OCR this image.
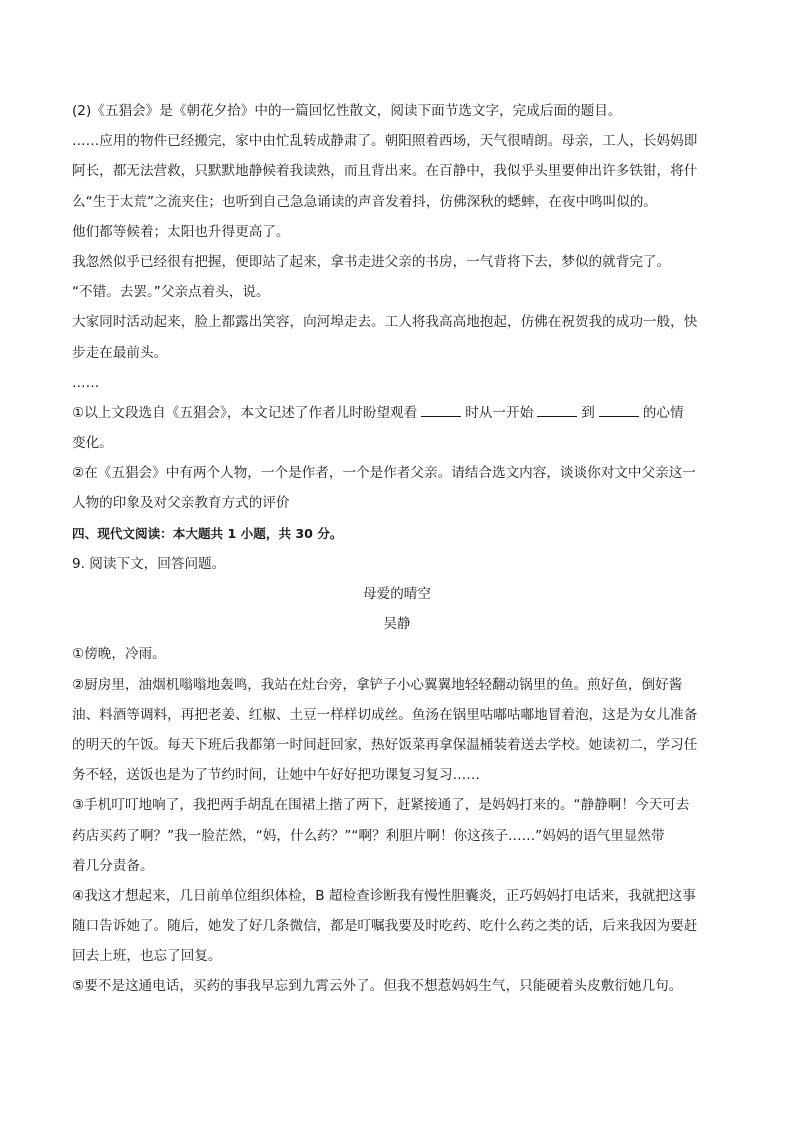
(2)《五猖会》是《朝花夕拾》中的一篇回忆性散文，阅读下面节选文字，完成后面的题目。
……应用的物件已经搬完，家中由忙乱转成静肃了。朝阳照着西场，天气很晴朗。母亲，工人，长妈妈即
阿长，都无法营救，只默默地静候着我读熟，而且背出来。在百静中，我似乎头里要伸出许多铁钳，将什
么“生于太荒”之流夹住；也听到自己急急诵读的声音发着抖，仿佛深秋的蟋蟀，在夜中鸣叫似的。
他们都等候着；太阳也升得更高了。
我忽然似乎已经很有把握，便即站了起来，拿书走进父亲的书房，一气背将下去，梦似的就背完了。
“不错。去罢。”父亲点着头，说。
大家同时活动起来，脸上都露出笑容，向河埠走去。工人将我高高地抱起，仿佛在祝贺我的成功一般，快
步走在最前头。
……
①以上文段选自《五猖会》，本文记述了作者儿时盼望观看	时从一开始	到	的心情
变化。
②在《五猖会》中有两个人物，一个是作者，一个是作者父亲。请结合选文内容，谈谈你对文中父亲这一
人物的印象及对父亲教育方式的评价
四、现代文阅读：本大题共 1 小题，共 30 分。
9. 阅读下文，回答问题。
母爱的晴空
吴静
①傍晚，冷雨。
②厨房里，油烟机嗡嗡地轰鸣，我站在灶台旁，拿铲子小心翼翼地轻轻翻动锅里的鱼。煎好鱼，倒好酱
油、料酒等调料，再把老姜、红椒、土豆一样样切成丝。鱼汤在锅里咕嘟咕嘟地冒着泡，这是为女儿准备
的明天的午饭。每天下班后我都第一时间赶回家，热好饭菜再拿保温桶装着送去学校。她读初二，学习任
务不轻，送饭也是为了节约时间，让她中午好好把功课复习复习……
③手机叮叮地响了，我把两手胡乱在围裙上揩了两下，赶紧接通了，是妈妈打来的。“静静啊！今天可去
药店买药了啊？”我一脸茫然，“妈，什么药？”“啊？利胆片啊！你这孩子……”妈妈的语气里显然带
着几分责备。
④我这才想起来，几日前单位组织体检，B 超检查诊断我有慢性胆囊炎，正巧妈妈打电话来，我就把这事
随口告诉她了。随后，她发了好几条微信，都是叮嘱我要及时吃药、吃什么药之类的话，后来我因为要赶
回去上班，也忘了回复。
⑤要不是这通电话，买药的事我早忘到九霄云外了。但我不想惹妈妈生气，只能硬着头皮敷衍她几句。
